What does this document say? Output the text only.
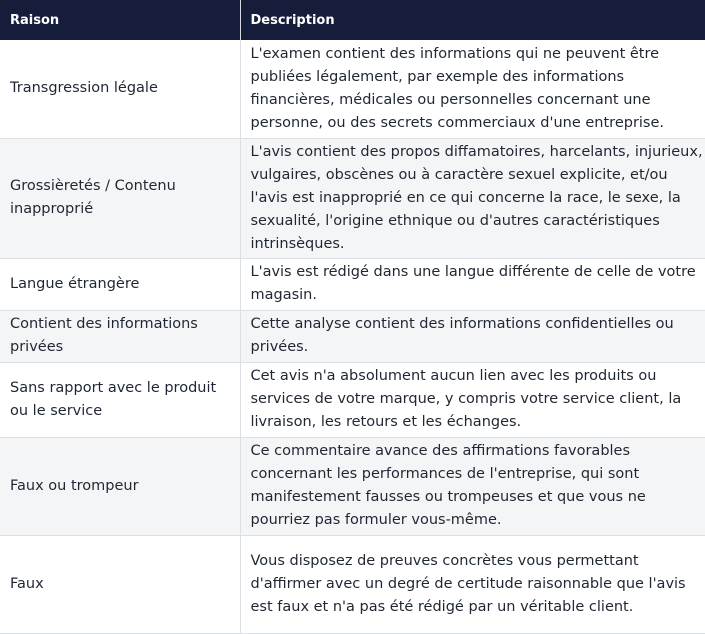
Raison	Description
Transgression légale	L'examen contient des informations qui ne peuvent être publiées légalement, par exemple des informations financières, médicales ou personnelles concernant une personne, ou des secrets commerciaux d'une entreprise.
Grossièretés / Contenu inapproprié	L'avis contient des propos diffamatoires, harcelants, injurieux, vulgaires, obscènes ou à caractère sexuel explicite, et/ou l'avis est inapproprié en ce qui concerne la race, le sexe, la sexualité, l'origine ethnique ou d'autres caractéristiques intrinsèques.
Langue étrangère	L'avis est rédigé dans une langue différente de celle de votre magasin.
Contient des informations privées	Cette analyse contient des informations confidentielles ou privées.
Sans rapport avec le produit ou le service	Cet avis n'a absolument aucun lien avec les produits ou services de votre marque, y compris votre service client, la livraison, les retours et les échanges.
Faux ou trompeur	Ce commentaire avance des affirmations favorables concernant les performances de l'entreprise, qui sont manifestement fausses ou trompeuses et que vous ne pourriez pas formuler vous-même.
Faux	Vous disposez de preuves concrètes vous permettant d'affirmer avec un degré de certitude raisonnable que l'avis est faux et n'a pas été rédigé par un véritable client.
